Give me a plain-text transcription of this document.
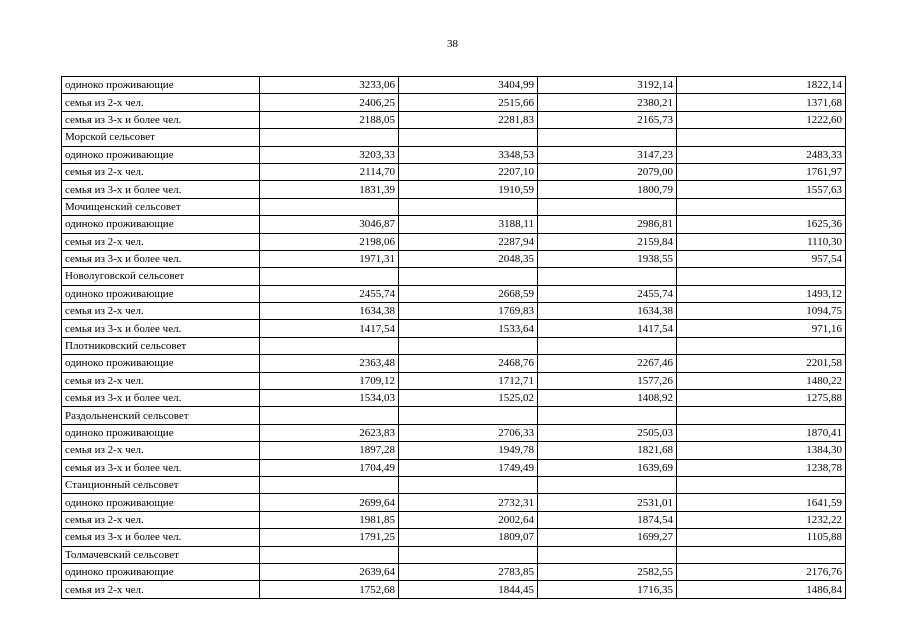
38
одиноко проживающие	3233,06	3404,99	3192,14	1822,14
семья из 2-х чел.	2406,25	2515,66	2380,21	1371,68
семья из 3-х и более чел.	2188,05	2281,83	2165,73	1222,60
Морской сельсовет				
одиноко проживающие	3203,33	3348,53	3147,23	2483,33
семья из 2-х чел.	2114,70	2207,10	2079,00	1761,97
семья из 3-х и более чел.	1831,39	1910,59	1800,79	1557,63
Мочищенский сельсовет				
одиноко проживающие	3046,87	3188,11	2986,81	1625,36
семья из 2-х чел.	2198,06	2287,94	2159,84	1110,30
семья из 3-х и более чел.	1971,31	2048,35	1938,55	957,54
Новолуговской сельсовет				
одиноко проживающие	2455,74	2668,59	2455,74	1493,12
семья из 2-х чел.	1634,38	1769,83	1634,38	1094,75
семья из 3-х и более чел.	1417,54	1533,64	1417,54	971,16
Плотниковский сельсовет				
одиноко проживающие	2363,48	2468,76	2267,46	2201,58
семья из 2-х чел.	1709,12	1712,71	1577,26	1480,22
семья из 3-х и более чел.	1534,03	1525,02	1408,92	1275,88
Раздольненский сельсовет				
одиноко проживающие	2623,83	2706,33	2505,03	1870,41
семья из 2-х чел.	1897,28	1949,78	1821,68	1384,30
семья из 3-х и более чел.	1704,49	1749,49	1639,69	1238,78
Станционный сельсовет				
одиноко проживающие	2699,64	2732,31	2531,01	1641,59
семья из 2-х чел.	1981,85	2002,64	1874,54	1232,22
семья из 3-х и более чел.	1791,25	1809,07	1699,27	1105,88
Толмачевский сельсовет				
одиноко проживающие	2639,64	2783,85	2582,55	2176,76
семья из 2-х чел.	1752,68	1844,45	1716,35	1486,84
